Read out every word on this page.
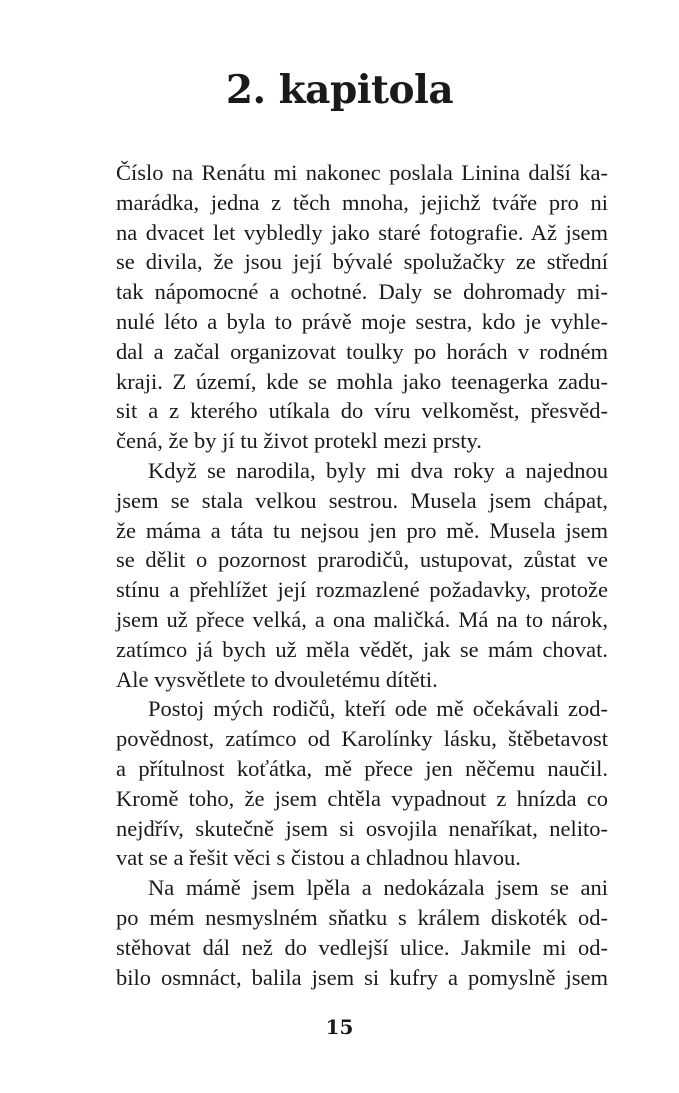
2. kapitola
Číslo na Renátu mi nakonec poslala Linina další ka-
marádka, jedna z těch mnoha, jejichž tváře pro ni
na dvacet let vybledly jako staré fotografie. Až jsem
se divila, že jsou její bývalé spolužačky ze střední
tak nápomocné a ochotné. Daly se dohromady mi-
nulé léto a byla to právě moje sestra, kdo je vyhle-
dal a začal organizovat toulky po horách v rodném
kraji. Z území, kde se mohla jako teenagerka zadu-
sit a z kterého utíkala do víru velkoměst, přesvěd-
čená, že by jí tu život protekl mezi prsty.
Když se narodila, byly mi dva roky a najednou
jsem se stala velkou sestrou. Musela jsem chápat,
že máma a táta tu nejsou jen pro mě. Musela jsem
se dělit o pozornost prarodičů, ustupovat, zůstat ve
stínu a přehlížet její rozmazlené požadavky, protože
jsem už přece velká, a ona maličká. Má na to nárok,
zatímco já bych už měla vědět, jak se mám chovat.
Ale vysvětlete to dvouletému dítěti.
Postoj mých rodičů, kteří ode mě očekávali zod-
povědnost, zatímco od Karolínky lásku, štěbetavost
a přítulnost koťátka, mě přece jen něčemu naučil.
Kromě toho, že jsem chtěla vypadnout z hnízda co
nejdřív, skutečně jsem si osvojila nenaříkat, nelito-
vat se a řešit věci s čistou a chladnou hlavou.
Na mámě jsem lpěla a nedokázala jsem se ani
po mém nesmyslném sňatku s králem diskoték od-
stěhovat dál než do vedlejší ulice. Jakmile mi od-
bilo osmnáct, balila jsem si kufry a pomyslně jsem
15
